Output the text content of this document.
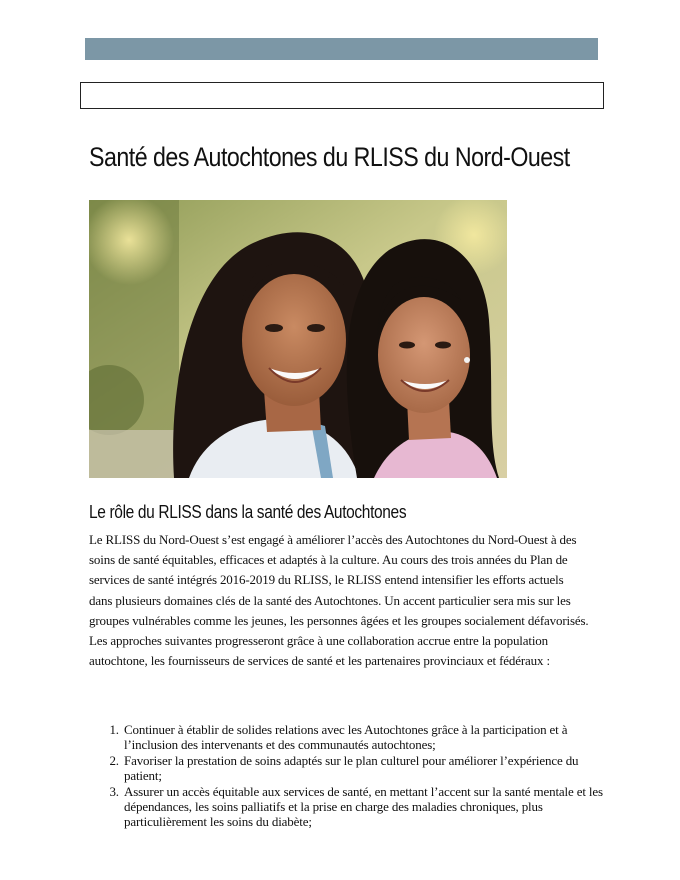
Santé des Autochtones du RLISS du Nord-Ouest
Le rôle du RLISS dans la santé des Autochtones

Le RLISS du Nord-Ouest s’est engagé à améliorer l’accès des Autochtones du Nord-Ouest à des soins de santé équitables, efficaces et adaptés à la culture. Au cours des trois années du Plan de services de santé intégrés 2016-2019 du RLISS, le RLISS entend intensifier les efforts actuels dans plusieurs domaines clés de la santé des Autochtones. Un accent particulier sera mis sur les groupes vulnérables comme les jeunes, les personnes âgées et les groupes socialement défavorisés. Les approches suivantes progresseront grâce à une collaboration accrue entre la population autochtone, les fournisseurs de services de santé et les partenaires provinciaux et fédéraux :

1. Continuer à établir de solides relations avec les Autochtones grâce à la participation et à l’inclusion des intervenants et des communautés autochtones;
2. Favoriser la prestation de soins adaptés sur le plan culturel pour améliorer l’expérience du patient;
3. Assurer un accès équitable aux services de santé, en mettant l’accent sur la santé mentale et les dépendances, les soins palliatifs et la prise en charge des maladies chroniques, plus particulièrement les soins du diabète;
